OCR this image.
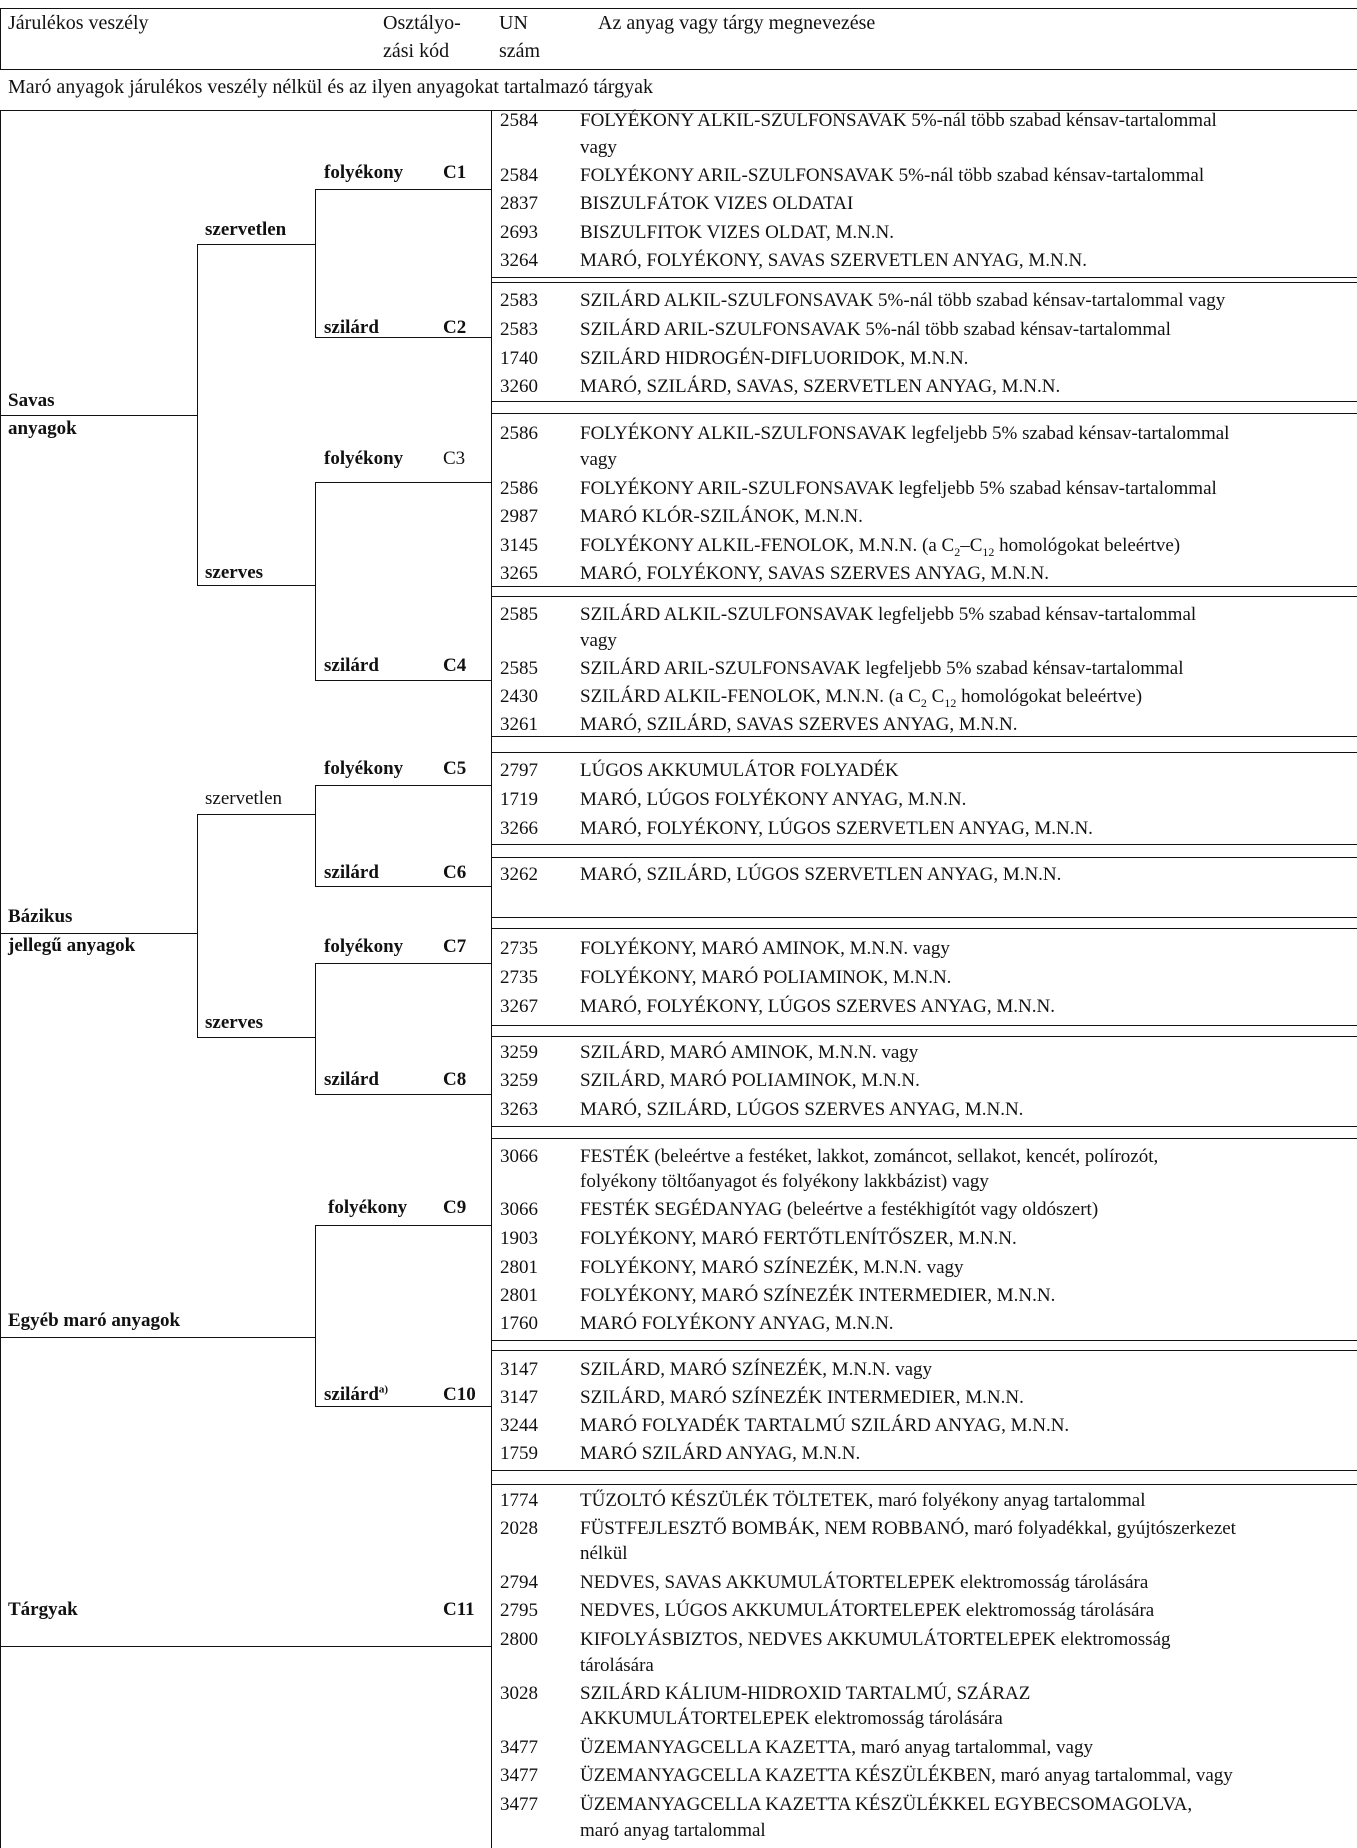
Járulékos veszély	Osztályo-
zási kód
UN
szám
Az anyag vagy tárgy megnevezése
Maró anyagok járulékos veszély nélkül és az ilyen anyagokat tartalmazó tárgyak
Savas
anyagok
Bázikus
jellegű anyagok
Egyéb maró anyagok
Tárgyak
szervetlen
szerves
szervetlen
szerves
folyékony
szilárd
folyékony
szilárd
folyékony
szilárd
folyékony
szilárd
folyékony
szilárd$^{a)}$
C1
C2
C3
C4
C5
C6
C7
C8
C9
C10
C11
2584 FOLYÉKONY ALKIL-SZULFONSAVAK 5%-nál több szabad kénsav-tartalommal
vagy
2584 FOLYÉKONY ARIL-SZULFONSAVAK 5%-nál több szabad kénsav-tartalommal
2837 BISZULFÁTOK VIZES OLDATAI
2693 BISZULFITOK VIZES OLDAT, M.N.N.
3264 MARÓ, FOLYÉKONY, SAVAS SZERVETLEN ANYAG, M.N.N.
2583 SZILÁRD ALKIL-SZULFONSAVAK 5%-nál több szabad kénsav-tartalommal vagy
2583 SZILÁRD ARIL-SZULFONSAVAK 5%-nál több szabad kénsav-tartalommal
1740 SZILÁRD HIDROGÉN-DIFLUORIDOK, M.N.N.
3260 MARÓ, SZILÁRD, SAVAS, SZERVETLEN ANYAG, M.N.N.
2586 FOLYÉKONY ALKIL-SZULFONSAVAK legfeljebb 5% szabad kénsav-tartalommal
vagy
2586 FOLYÉKONY ARIL-SZULFONSAVAK legfeljebb 5% szabad kénsav-tartalommal
2987 MARÓ KLÓR-SZILÁNOK, M.N.N.
3145 FOLYÉKONY ALKIL-FENOLOK, M.N.N. (a $C_2-C_{12}$ homológokat beleértve)
3265 MARÓ, FOLYÉKONY, SAVAS SZERVES ANYAG, M.N.N.
2585 SZILÁRD ALKIL-SZULFONSAVAK legfeljebb 5% szabad kénsav-tartalommal
vagy
2585 SZILÁRD ARIL-SZULFONSAVAK legfeljebb 5% szabad kénsav-tartalommal
2430 SZILÁRD ALKIL-FENOLOK, M.N.N. (a $C_2$ $C_{12}$ homológokat beleértve)
3261 MARÓ, SZILÁRD, SAVAS SZERVES ANYAG, M.N.N.
2797 LÚGOS AKKUMULÁTOR FOLYADÉK
1719 MARÓ, LÚGOS FOLYÉKONY ANYAG, M.N.N.
3266 MARÓ, FOLYÉKONY, LÚGOS SZERVETLEN ANYAG, M.N.N.
3262 MARÓ, SZILÁRD, LÚGOS SZERVETLEN ANYAG, M.N.N.
2735 FOLYÉKONY, MARÓ AMINOK, M.N.N. vagy
2735 FOLYÉKONY, MARÓ POLIAMINOK, M.N.N.
3267 MARÓ, FOLYÉKONY, LÚGOS SZERVES ANYAG, M.N.N.
3259 SZILÁRD, MARÓ AMINOK, M.N.N. vagy
3259 SZILÁRD, MARÓ POLIAMINOK, M.N.N.
3263 MARÓ, SZILÁRD, LÚGOS SZERVES ANYAG, M.N.N.
3066 FESTÉK (beleértve a festéket, lakkot, zománcot, sellakot, kencét, polírozót,
folyékony töltőanyagot és folyékony lakkbázist) vagy
3066 FESTÉK SEGÉDANYAG (beleértve a festékhigítót vagy oldószert)
1903 FOLYÉKONY, MARÓ FERTŐTLENÍTŐSZER, M.N.N.
2801 FOLYÉKONY, MARÓ SZÍNEZÉK, M.N.N. vagy
2801 FOLYÉKONY, MARÓ SZÍNEZÉK INTERMEDIER, M.N.N.
1760 MARÓ FOLYÉKONY ANYAG, M.N.N.
3147 SZILÁRD, MARÓ SZÍNEZÉK, M.N.N. vagy
3147 SZILÁRD, MARÓ SZÍNEZÉK INTERMEDIER, M.N.N.
3244 MARÓ FOLYADÉK TARTALMÚ SZILÁRD ANYAG, M.N.N.
1759 MARÓ SZILÁRD ANYAG, M.N.N.
1774 TŰZOLTÓ KÉSZÜLÉK TÖLTETEK, maró folyékony anyag tartalommal
2028 FÜSTFEJLESZTŐ BOMBÁK, NEM ROBBANÓ, maró folyadékkal, gyújtószerkezet
nélkül
2794 NEDVES, SAVAS AKKUMULÁTORTELEPEK elektromosság tárolására
2795 NEDVES, LÚGOS AKKUMULÁTORTELEPEK elektromosság tárolására
2800 KIFOLYÁSBIZTOS, NEDVES AKKUMULÁTORTELEPEK elektromosság
tárolására
3028 SZILÁRD KÁLIUM-HIDROXID TARTALMÚ, SZÁRAZ
AKKUMULÁTORTELEPEK elektromosság tárolására
3477 ÜZEMANYAGCELLA KAZETTA, maró anyag tartalommal, vagy
3477 ÜZEMANYAGCELLA KAZETTA KÉSZÜLÉKBEN, maró anyag tartalommal, vagy
3477 ÜZEMANYAGCELLA KAZETTA KÉSZÜLÉKKEL EGYBECSOMAGOLVA,
maró anyag tartalommal
